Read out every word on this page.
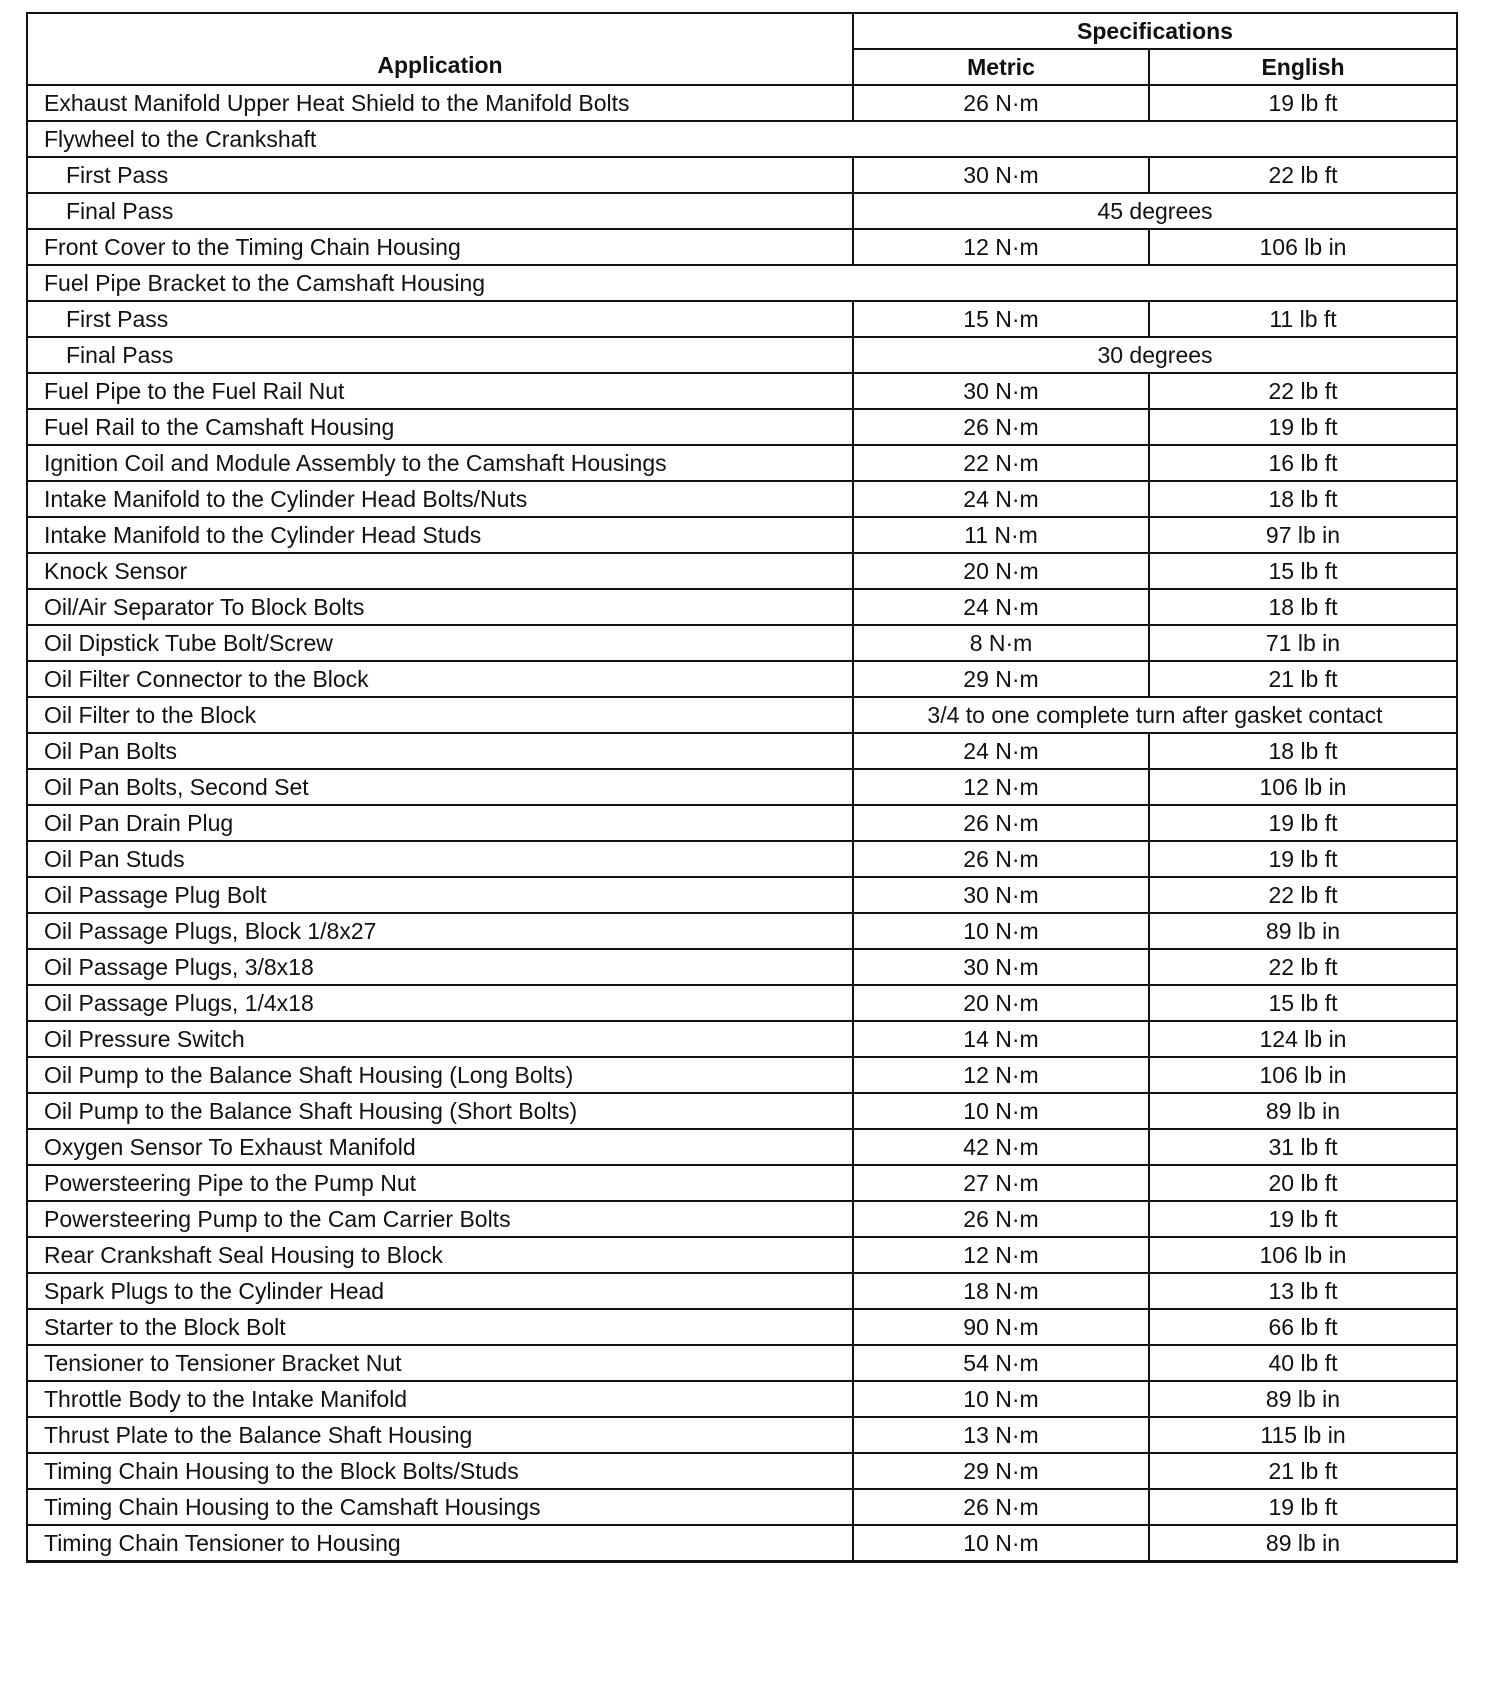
Application	Specifications	
	Metric	English
Exhaust Manifold Upper Heat Shield to the Manifold Bolts	26 N·m	19 lb ft
Flywheel to the Crankshaft		
First Pass	30 N·m	22 lb ft
Final Pass	45 degrees	
Front Cover to the Timing Chain Housing	12 N·m	106 lb in
Fuel Pipe Bracket to the Camshaft Housing		
First Pass	15 N·m	11 lb ft
Final Pass	30 degrees	
Fuel Pipe to the Fuel Rail Nut	30 N·m	22 lb ft
Fuel Rail to the Camshaft Housing	26 N·m	19 lb ft
Ignition Coil and Module Assembly to the Camshaft Housings	22 N·m	16 lb ft
Intake Manifold to the Cylinder Head Bolts/Nuts	24 N·m	18 lb ft
Intake Manifold to the Cylinder Head Studs	11 N·m	97 lb in
Knock Sensor	20 N·m	15 lb ft
Oil/Air Separator To Block Bolts	24 N·m	18 lb ft
Oil Dipstick Tube Bolt/Screw	8 N·m	71 lb in
Oil Filter Connector to the Block	29 N·m	21 lb ft
Oil Filter to the Block	3/4 to one complete turn after gasket contact	
Oil Pan Bolts	24 N·m	18 lb ft
Oil Pan Bolts, Second Set	12 N·m	106 lb in
Oil Pan Drain Plug	26 N·m	19 lb ft
Oil Pan Studs	26 N·m	19 lb ft
Oil Passage Plug Bolt	30 N·m	22 lb ft
Oil Passage Plugs, Block 1/8x27	10 N·m	89 lb in
Oil Passage Plugs, 3/8x18	30 N·m	22 lb ft
Oil Passage Plugs, 1/4x18	20 N·m	15 lb ft
Oil Pressure Switch	14 N·m	124 lb in
Oil Pump to the Balance Shaft Housing (Long Bolts)	12 N·m	106 lb in
Oil Pump to the Balance Shaft Housing (Short Bolts)	10 N·m	89 lb in
Oxygen Sensor To Exhaust Manifold	42 N·m	31 lb ft
Powersteering Pipe to the Pump Nut	27 N·m	20 lb ft
Powersteering Pump to the Cam Carrier Bolts	26 N·m	19 lb ft
Rear Crankshaft Seal Housing to Block	12 N·m	106 lb in
Spark Plugs to the Cylinder Head	18 N·m	13 lb ft
Starter to the Block Bolt	90 N·m	66 lb ft
Tensioner to Tensioner Bracket Nut	54 N·m	40 lb ft
Throttle Body to the Intake Manifold	10 N·m	89 lb in
Thrust Plate to the Balance Shaft Housing	13 N·m	115 lb in
Timing Chain Housing to the Block Bolts/Studs	29 N·m	21 lb ft
Timing Chain Housing to the Camshaft Housings	26 N·m	19 lb ft
Timing Chain Tensioner to Housing	10 N·m	89 lb in
